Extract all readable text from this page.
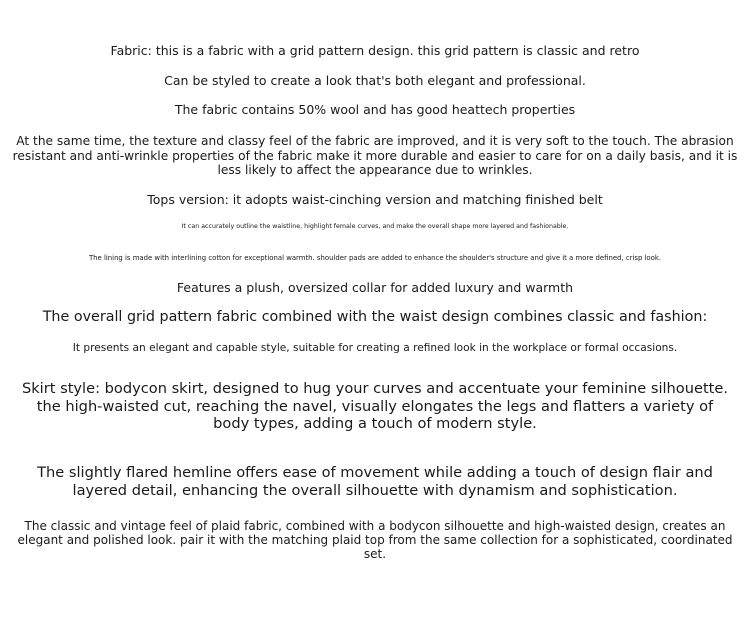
Fabric: this is a fabric with a grid pattern design. this grid pattern is classic and retro

Can be styled to create a look that's both elegant and professional.

The fabric contains 50% wool and has good heattech properties

At the same time, the texture and classy feel of the fabric are improved, and it is very soft to the touch. The abrasion resistant and anti-wrinkle properties of the fabric make it more durable and easier to care for on a daily basis, and it is less likely to affect the appearance due to wrinkles.

Tops version: it adopts waist-cinching version and matching finished belt

It can accurately outline the waistline, highlight female curves, and make the overall shape more layered and fashionable.

The lining is made with interlining cotton for exceptional warmth. shoulder pads are added to enhance the shoulder's structure and give it a more defined, crisp look.

Features a plush, oversized collar for added luxury and warmth

The overall grid pattern fabric combined with the waist design combines classic and fashion:

It presents an elegant and capable style, suitable for creating a refined look in the workplace or formal occasions.

Skirt style: bodycon skirt, designed to hug your curves and accentuate your feminine silhouette. the high-waisted cut, reaching the navel, visually elongates the legs and flatters a variety of body types, adding a touch of modern style.

The slightly flared hemline offers ease of movement while adding a touch of design flair and layered detail, enhancing the overall silhouette with dynamism and sophistication.

The classic and vintage feel of plaid fabric, combined with a bodycon silhouette and high-waisted design, creates an elegant and polished look. pair it with the matching plaid top from the same collection for a sophisticated, coordinated set.
